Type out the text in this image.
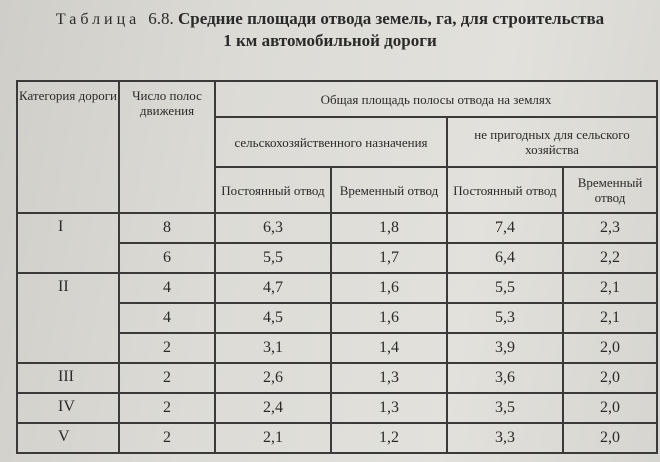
Таблица 6.8. Средние площади отвода земель, га, для строительства
1 км автомобильной дороги
Категория дороги	Число полос движения	Общая площадь полосы отвода на землях			
		сельскохозяйственного назначения		не пригодных для сельского хозяйства	
		Постоянный отвод	Временный отвод	Постоянный отвод	Временный отвод
I	8	6,3	1,8	7,4	2,3
	6	5,5	1,7	6,4	2,2
II	4	4,7	1,6	5,5	2,1
	4	4,5	1,6	5,3	2,1
	2	3,1	1,4	3,9	2,0
III	2	2,6	1,3	3,6	2,0
IV	2	2,4	1,3	3,5	2,0
V	2	2,1	1,2	3,3	2,0
